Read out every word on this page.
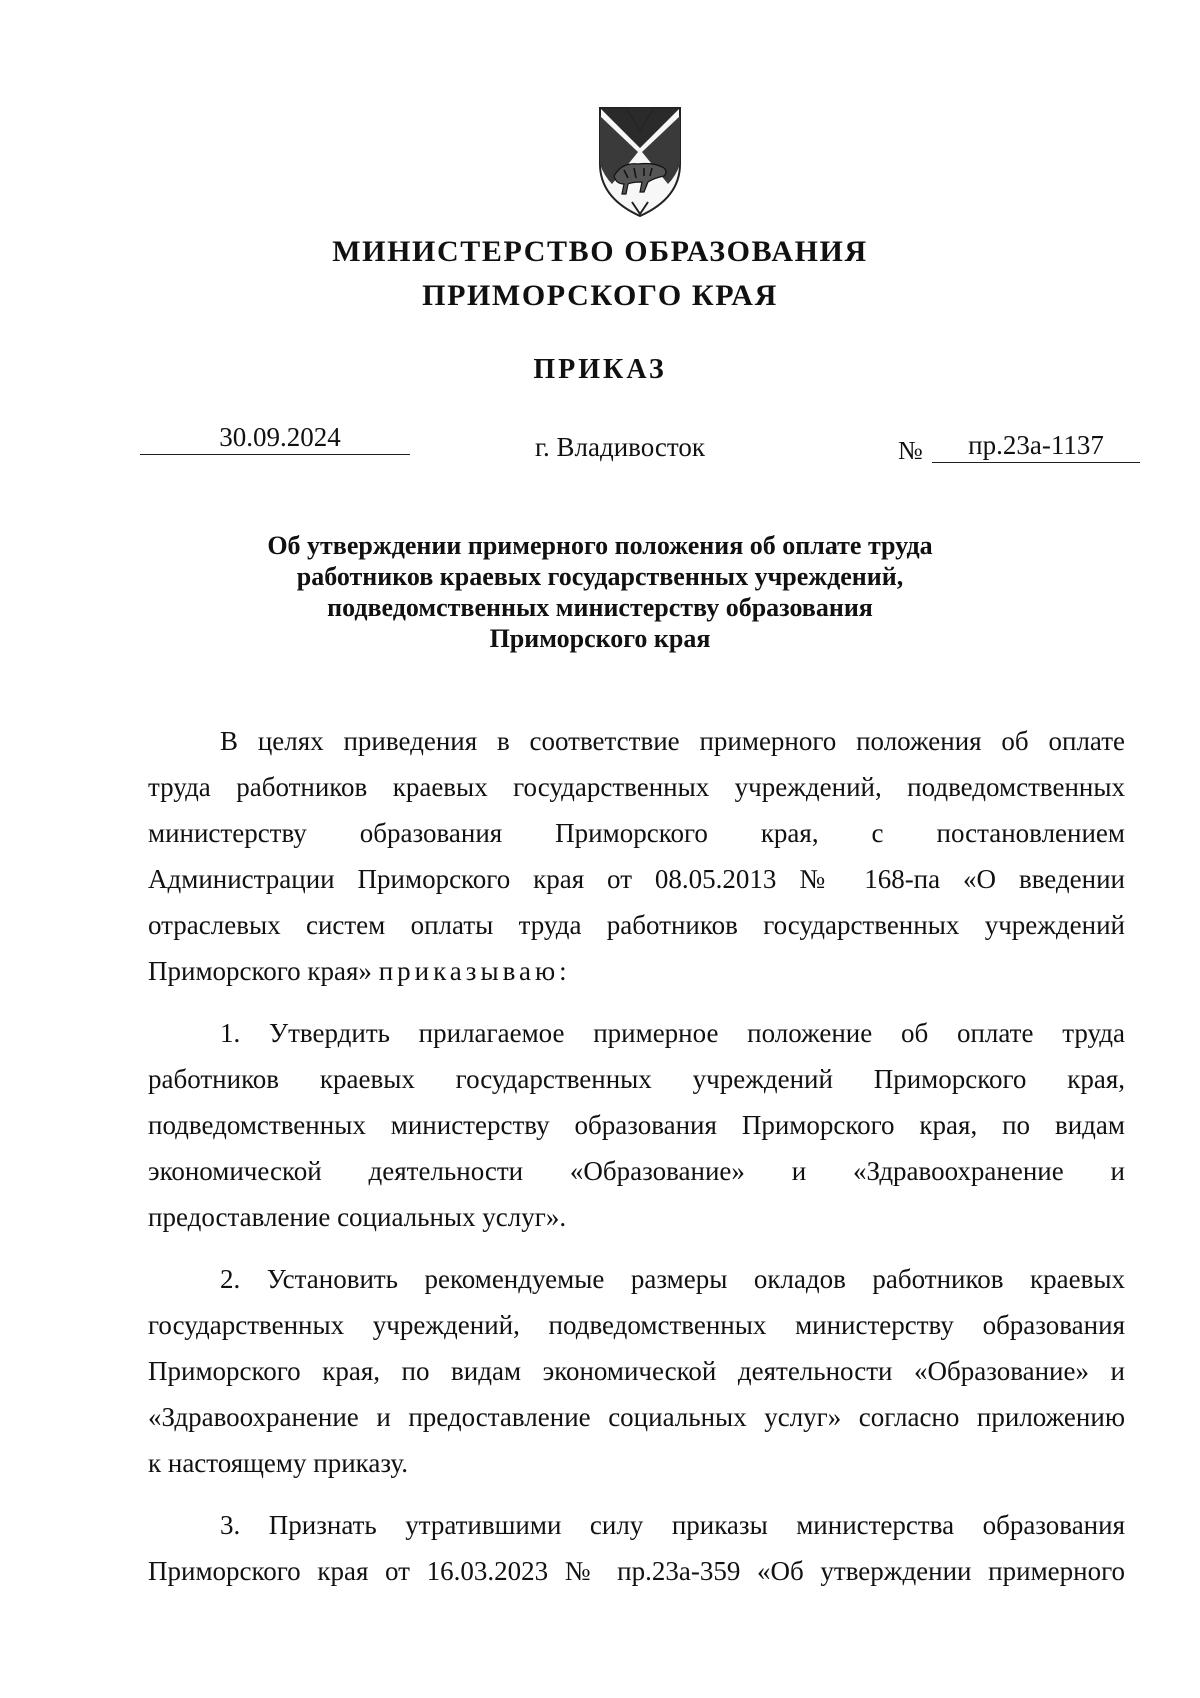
МИНИСТЕРСТВО ОБРАЗОВАНИЯ
ПРИМОРСКОГО КРАЯ
ПРИКАЗ
30.09.2024	г. Владивосток	№	пр.23а-1137
Об утверждении примерного положения об оплате труда
работников краевых государственных учреждений,
подведомственных министерству образования
Приморского края
В целях приведения в соответствие примерного положения об оплате
труда работников краевых государственных учреждений, подведомственных
министерству образования Приморского края, с постановлением
Администрации Приморского края от 08.05.2013 № 168-па «О введении
отраслевых систем оплаты труда работников государственных учреждений
Приморского края» приказываю:
1. Утвердить прилагаемое примерное положение об оплате труда
работников краевых государственных учреждений Приморского края,
подведомственных министерству образования Приморского края, по видам
экономической деятельности «Образование» и «Здравоохранение и
предоставление социальных услуг».
2. Установить рекомендуемые размеры окладов работников краевых
государственных учреждений, подведомственных министерству образования
Приморского края, по видам экономической деятельности «Образование» и
«Здравоохранение и предоставление социальных услуг» согласно приложению
к настоящему приказу.
3. Признать утратившими силу приказы министерства образования
Приморского края от 16.03.2023 № пр.23а-359 «Об утверждении примерного
